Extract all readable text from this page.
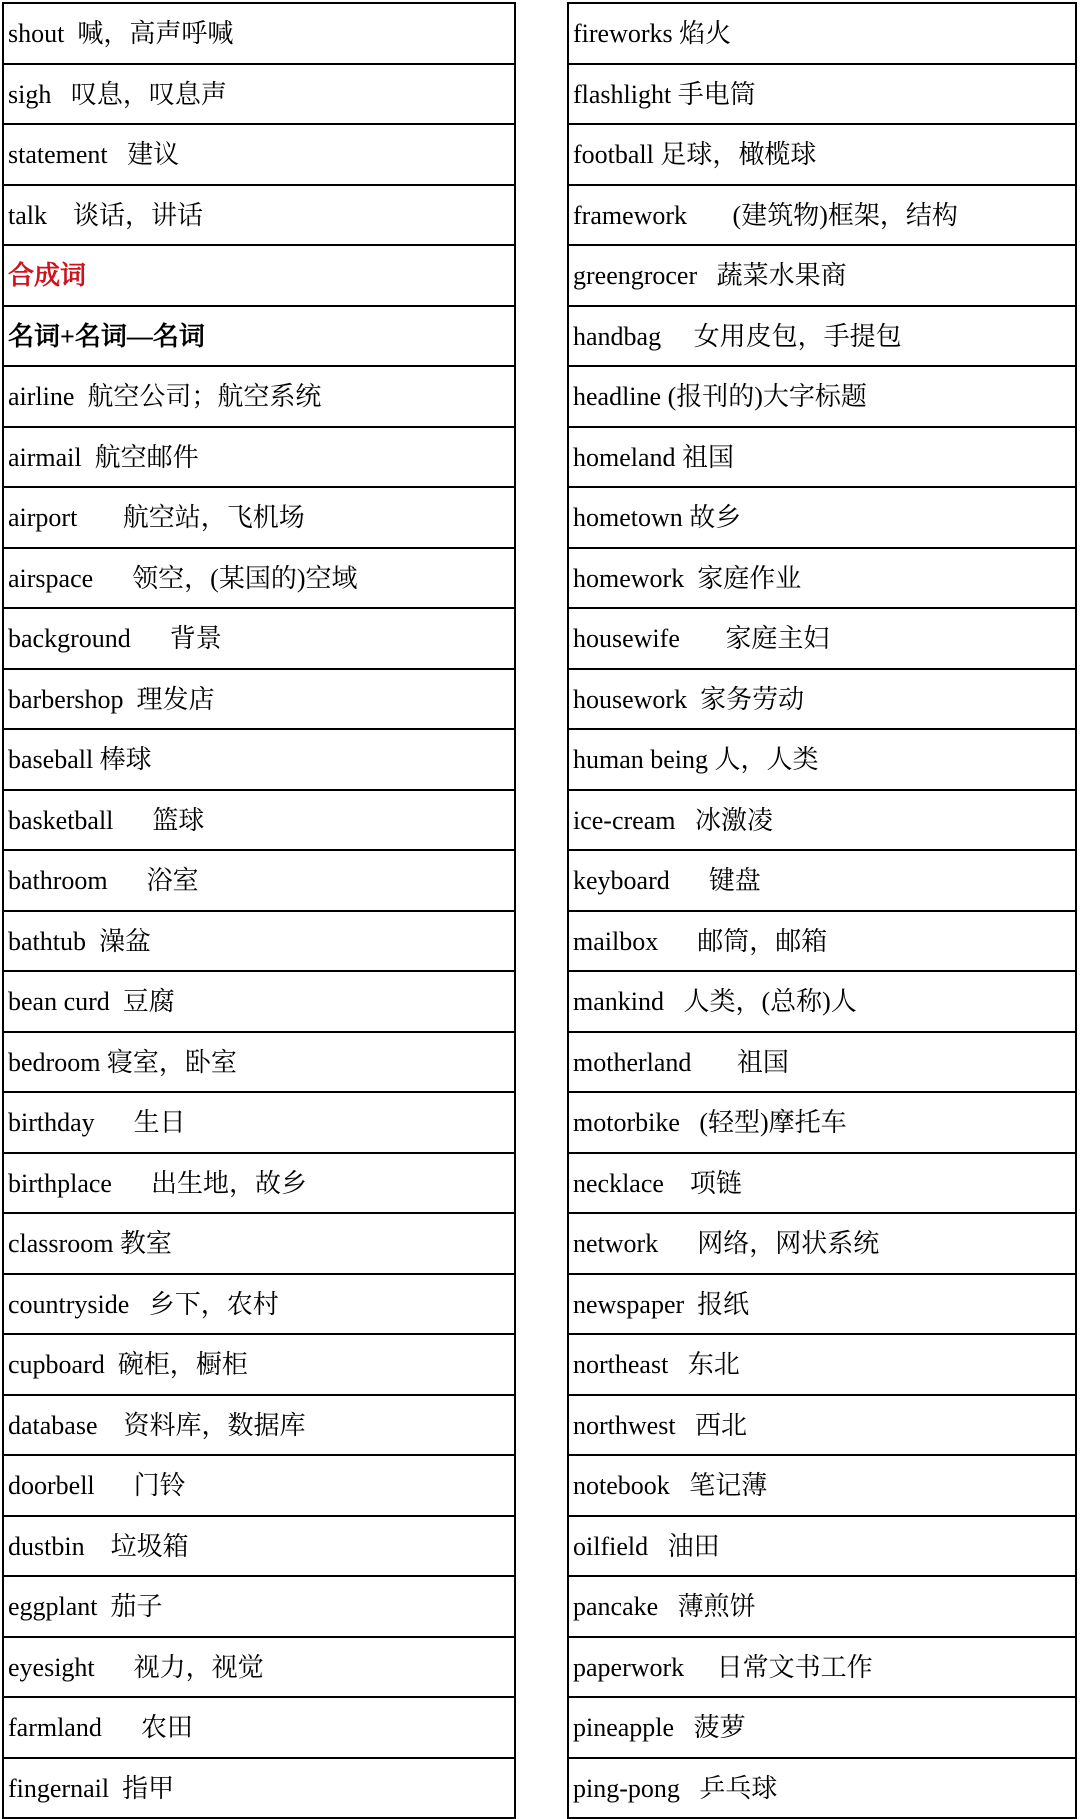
shout  喊，高声呼喊
sigh   叹息，叹息声
statement   建议
talk    谈话，讲话
合成词
名词+名词—名词
airline  航空公司；航空系统
airmail  航空邮件
airport       航空站，飞机场
airspace      领空，(某国的)空域
background      背景
barbershop  理发店
baseball 棒球
basketball      篮球
bathroom      浴室
bathtub  澡盆
bean curd  豆腐
bedroom 寝室，卧室
birthday      生日
birthplace      出生地，故乡
classroom 教室
countryside   乡下，农村
cupboard  碗柜，橱柜
database    资料库，数据库
doorbell      门铃
dustbin    垃圾箱
eggplant  茄子
eyesight      视力，视觉
farmland      农田
fingernail  指甲
fireworks 焰火
flashlight 手电筒
football 足球，橄榄球
framework       (建筑物)框架，结构
greengrocer   蔬菜水果商
handbag     女用皮包，手提包
headline (报刊的)大字标题
homeland 祖国
hometown 故乡
homework  家庭作业
housewife       家庭主妇
housework  家务劳动
human being 人，人类
ice-cream   冰激凌
keyboard      键盘
mailbox      邮筒，邮箱
mankind   人类，(总称)人
motherland       祖国
motorbike   (轻型)摩托车
necklace    项链
network      网络，网状系统
newspaper  报纸
northeast   东北
northwest   西北
notebook   笔记薄
oilfield   油田
pancake   薄煎饼
paperwork     日常文书工作
pineapple   菠萝
ping-pong   乒乓球
